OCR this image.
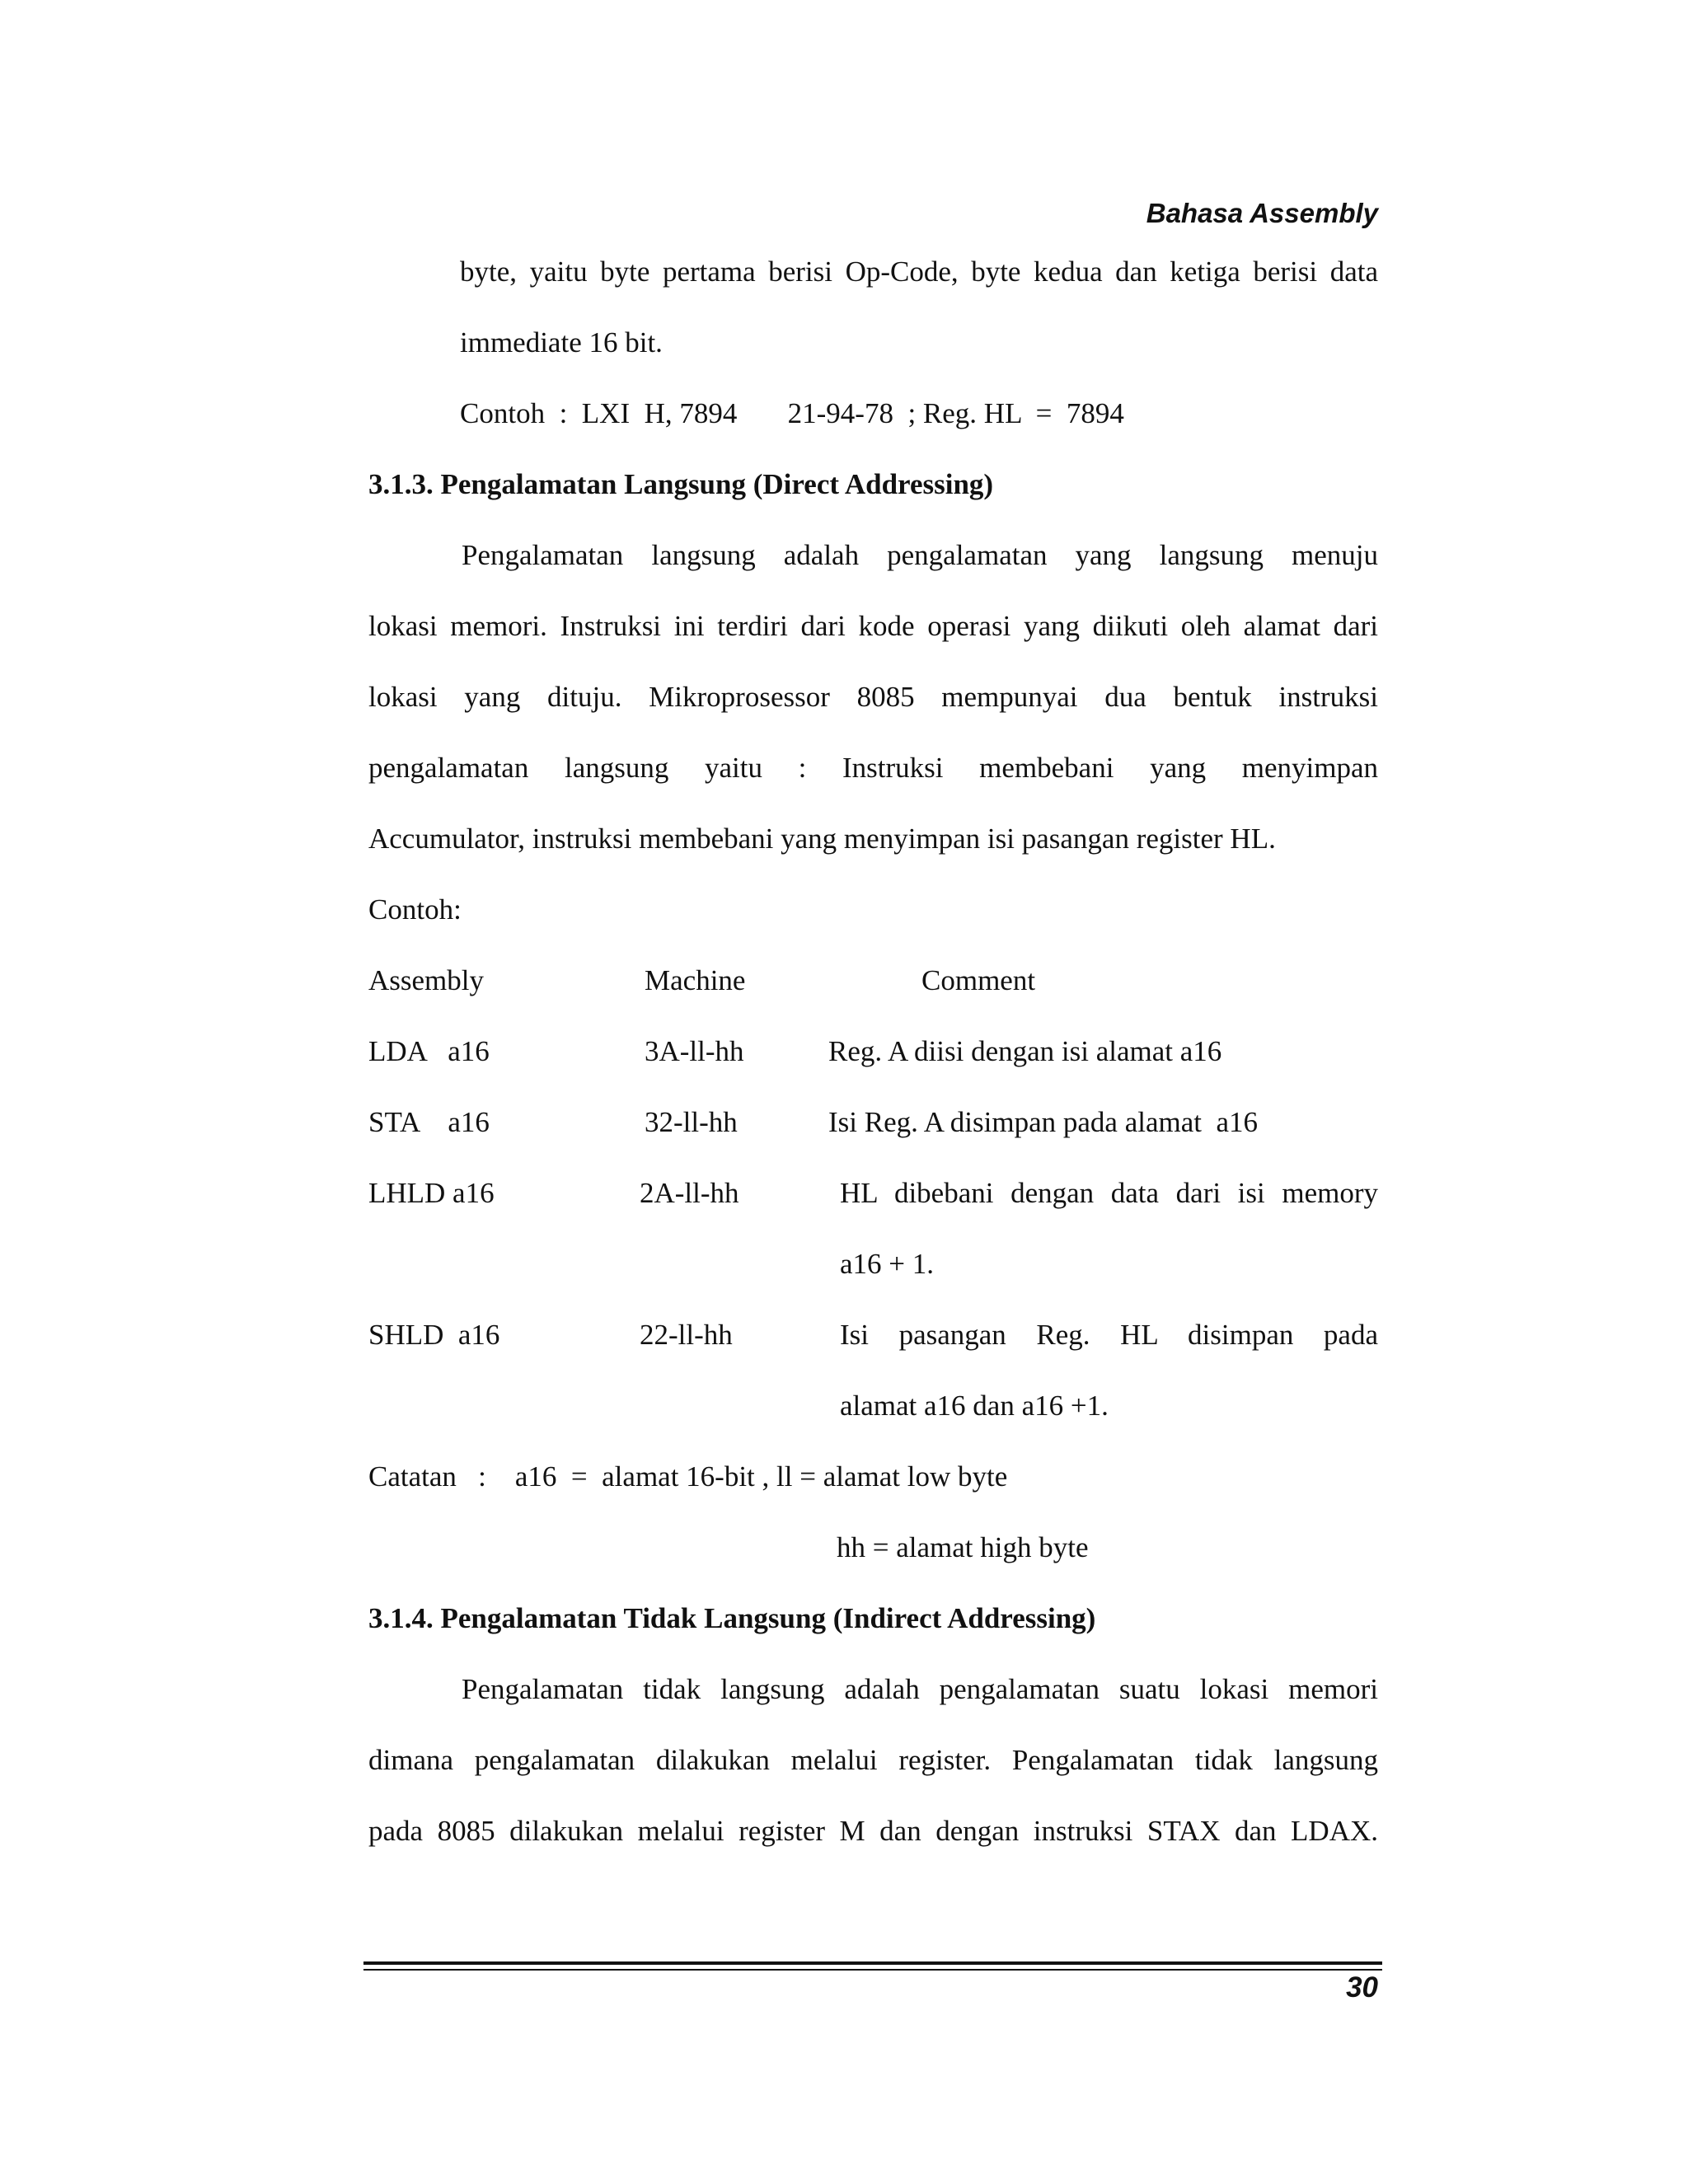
Bahasa Assembly
byte, yaitu byte pertama berisi Op-Code, byte kedua dan ketiga berisi data
immediate 16 bit.
Contoh  :  LXI  H, 7894       21-94-78  ; Reg. HL  =  7894
3.1.3. Pengalamatan Langsung (Direct Addressing)
Pengalamatan langsung adalah pengalamatan yang langsung menuju
lokasi memori. Instruksi ini terdiri dari kode operasi yang diikuti oleh alamat dari
lokasi yang dituju. Mikroprosessor 8085 mempunyai dua bentuk instruksi
pengalamatan langsung yaitu : Instruksi membebani yang menyimpan
Accumulator, instruksi membebani yang menyimpan isi pasangan register HL.
Contoh:
Assembly	Machine	Comment
LDA   a16	3A-ll-hh	Reg. A diisi dengan isi alamat a16
STA    a16	32-ll-hh	Isi Reg. A disimpan pada alamat  a16
LHLD a16	2A-ll-hh	HL dibebani dengan data dari isi memory
a16 + 1.
SHLD  a16	22-ll-hh	Isi pasangan Reg. HL disimpan pada
alamat a16 dan a16 +1.
Catatan   :    a16  =  alamat 16-bit , ll = alamat low byte
hh = alamat high byte
3.1.4. Pengalamatan Tidak Langsung (Indirect Addressing)
Pengalamatan tidak langsung adalah pengalamatan suatu lokasi memori
dimana pengalamatan dilakukan melalui register. Pengalamatan tidak langsung
pada 8085 dilakukan melalui register M dan dengan instruksi STAX dan LDAX.
30
